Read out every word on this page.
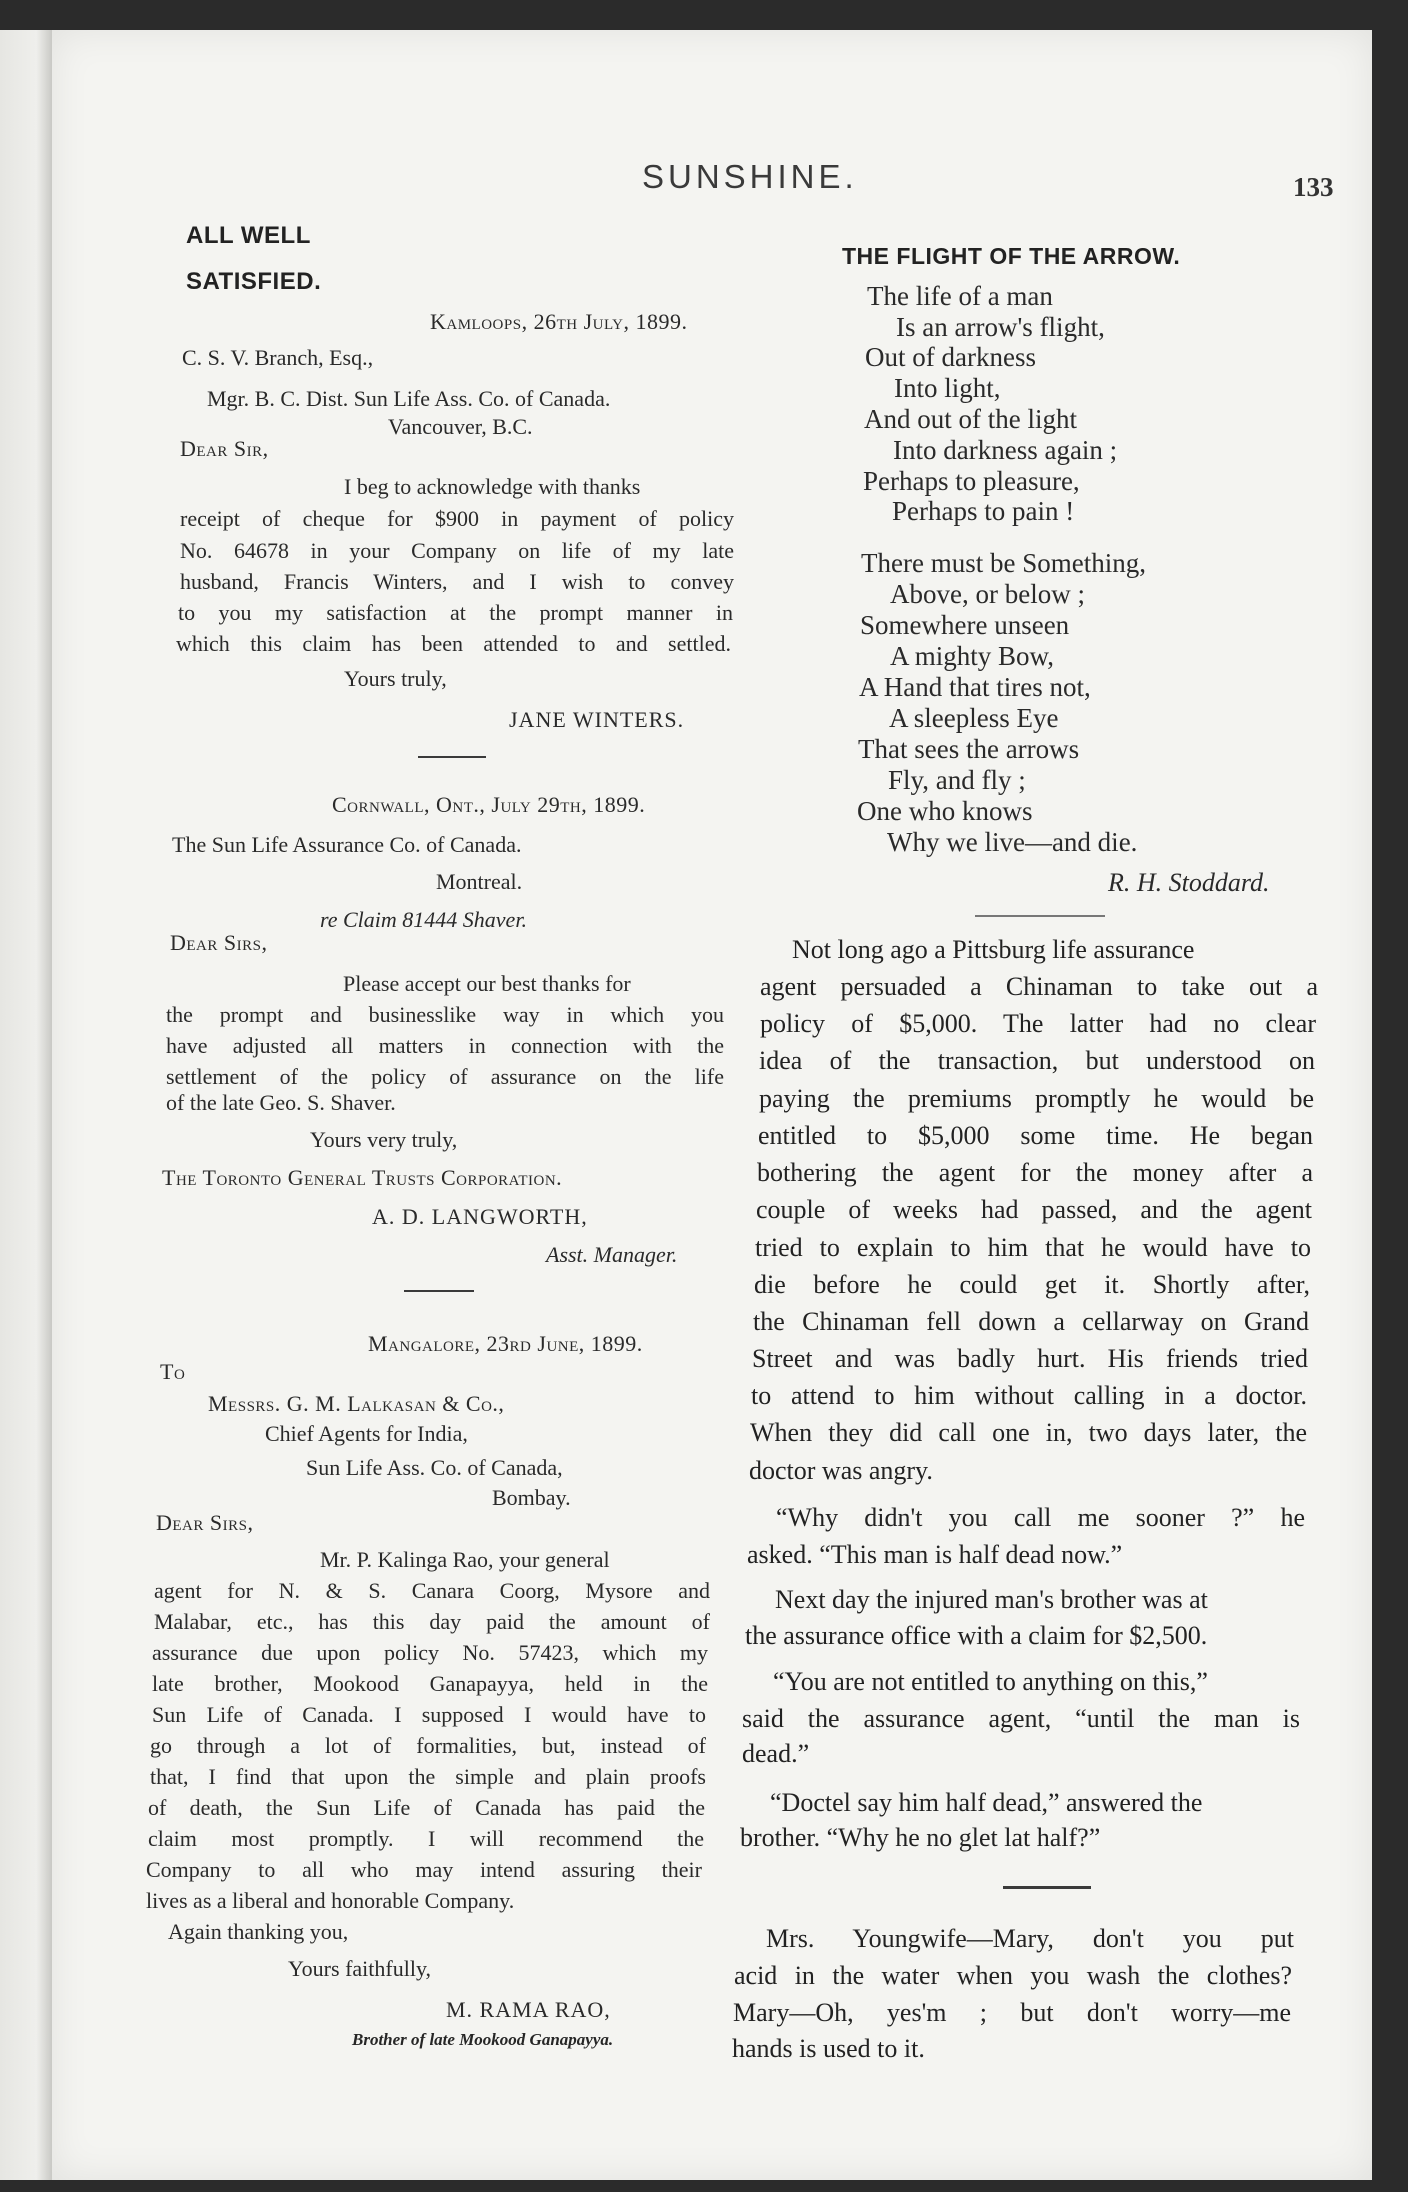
SUNSHINE.	133
ALL WELL
SATISFIED.
Kamloops, 26th July, 1899.
C. S. V. Branch, Esq.,
Mgr. B. C. Dist. Sun Life Ass. Co. of Canada.
Vancouver, B.C.
Dear Sir,
I beg to acknowledge with thanks
receipt of cheque for $900 in payment of policy
No. 64678 in your Company on life of my late
husband, Francis Winters, and I wish to convey
to you my satisfaction at the prompt manner in
which this claim has been attended to and settled.
Yours truly,
JANE WINTERS.
Cornwall, Ont., July 29th, 1899.
The Sun Life Assurance Co. of Canada.
Montreal.
re Claim 81444 Shaver.
Dear Sirs,
Please accept our best thanks for
the prompt and businesslike way in which you
have adjusted all matters in connection with the
settlement of the policy of assurance on the life
of the late Geo. S. Shaver.
Yours very truly,
The Toronto General Trusts Corporation.
A. D. LANGWORTH,
Asst. Manager.
Mangalore, 23rd June, 1899.
To
Messrs. G. M. Lalkasan & Co.,
Chief Agents for India,
Sun Life Ass. Co. of Canada,
Bombay.
Dear Sirs,
Mr. P. Kalinga Rao, your general
agent for N. & S. Canara Coorg, Mysore and
Malabar, etc., has this day paid the amount of
assurance due upon policy No. 57423, which my
late brother, Mookood Ganapayya, held in the
Sun Life of Canada. I supposed I would have to
go through a lot of formalities, but, instead of
that, I find that upon the simple and plain proofs
of death, the Sun Life of Canada has paid the
claim most promptly. I will recommend the
Company to all who may intend assuring their
lives as a liberal and honorable Company.
Again thanking you,
Yours faithfully,
M. RAMA RAO,
Brother of late Mookood Ganapayya.
THE FLIGHT OF THE ARROW.
The life of a man
Is an arrow's flight,
Out of darkness
Into light,
And out of the light
Into darkness again ;
Perhaps to pleasure,
Perhaps to pain !
There must be Something,
Above, or below ;
Somewhere unseen
A mighty Bow,
A Hand that tires not,
A sleepless Eye
That sees the arrows
Fly, and fly ;
One who knows
Why we live—and die.
R. H. Stoddard.
Not long ago a Pittsburg life assurance
agent persuaded a Chinaman to take out a
policy of $5,000. The latter had no clear
idea of the transaction, but understood on
paying the premiums promptly he would be
entitled to $5,000 some time. He began
bothering the agent for the money after a
couple of weeks had passed, and the agent
tried to explain to him that he would have to
die before he could get it. Shortly after,
the Chinaman fell down a cellarway on Grand
Street and was badly hurt. His friends tried
to attend to him without calling in a doctor.
When they did call one in, two days later, the
doctor was angry.
“Why didn't you call me sooner ?” he
asked. “This man is half dead now.”
Next day the injured man's brother was at
the assurance office with a claim for $2,500.
“You are not entitled to anything on this,”
said the assurance agent, “until the man is
dead.”
“Doctel say him half dead,” answered the
brother. “Why he no glet lat half?”
Mrs. Youngwife—Mary, don't you put
acid in the water when you wash the clothes?
Mary—Oh, yes'm ; but don't worry—me
hands is used to it.
